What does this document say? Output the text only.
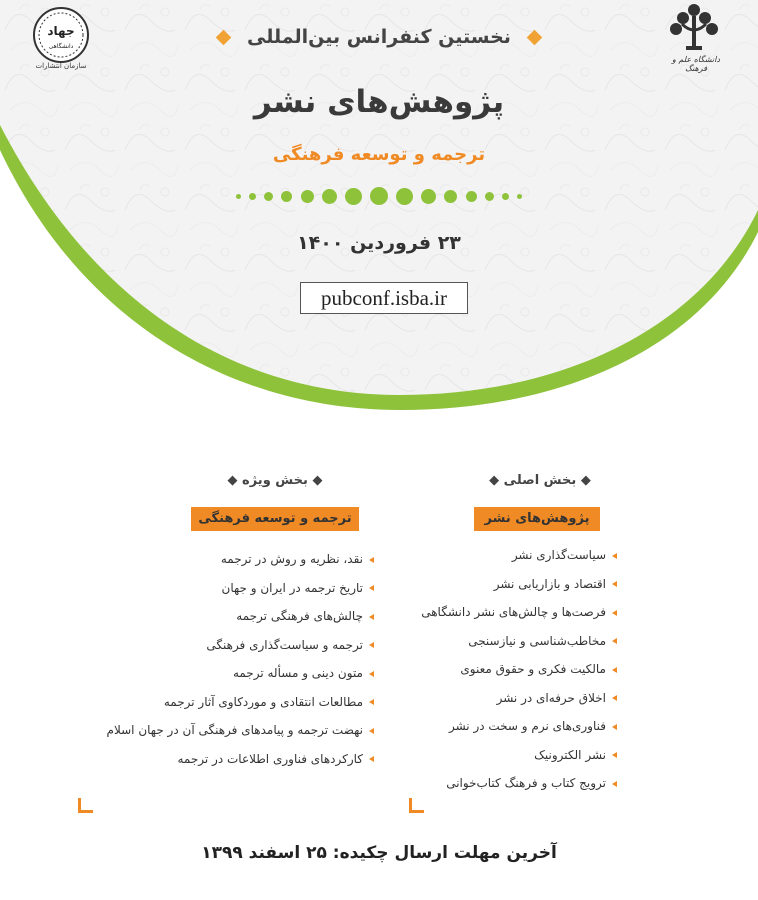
جهاد
دانشگاهی
سازمان انتشارات
دانشگاه علم و فرهنگ
نخستین کنفرانس بین‌المللی
پژوهش‌های نشر
ترجمه و توسعه فرهنگی
۲۳ فروردین ۱۴۰۰
pubconf.isba.ir
◆ بخش اصلی ◆
پژوهش‌های نشر
سیاست‌گذاری نشر
اقتصاد و بازاریابی نشر
فرصت‌ها و چالش‌های نشر دانشگاهی
مخاطب‌شناسی و نیازسنجی
مالکیت فکری و حقوق معنوی
اخلاق حرفه‌ای در نشر
فناوری‌های نرم و سخت در نشر
نشر الکترونیک
ترویج کتاب و فرهنگ کتاب‌خوانی
◆ بخش ویژه ◆
ترجمه و توسعه فرهنگی
نقد، نظریه و روش در ترجمه
تاریخ ترجمه در ایران و جهان
چالش‌های فرهنگی ترجمه
ترجمه و سیاست‌گذاری فرهنگی
متون دینی و مسأله ترجمه
مطالعات انتقادی و موردکاوی آثار ترجمه
نهضت ترجمه و پیامدهای فرهنگی آن در جهان اسلام
کارکردهای فناوری اطلاعات در ترجمه
آخرین مهلت ارسال چکیده: ۲۵ اسفند ۱۳۹۹
